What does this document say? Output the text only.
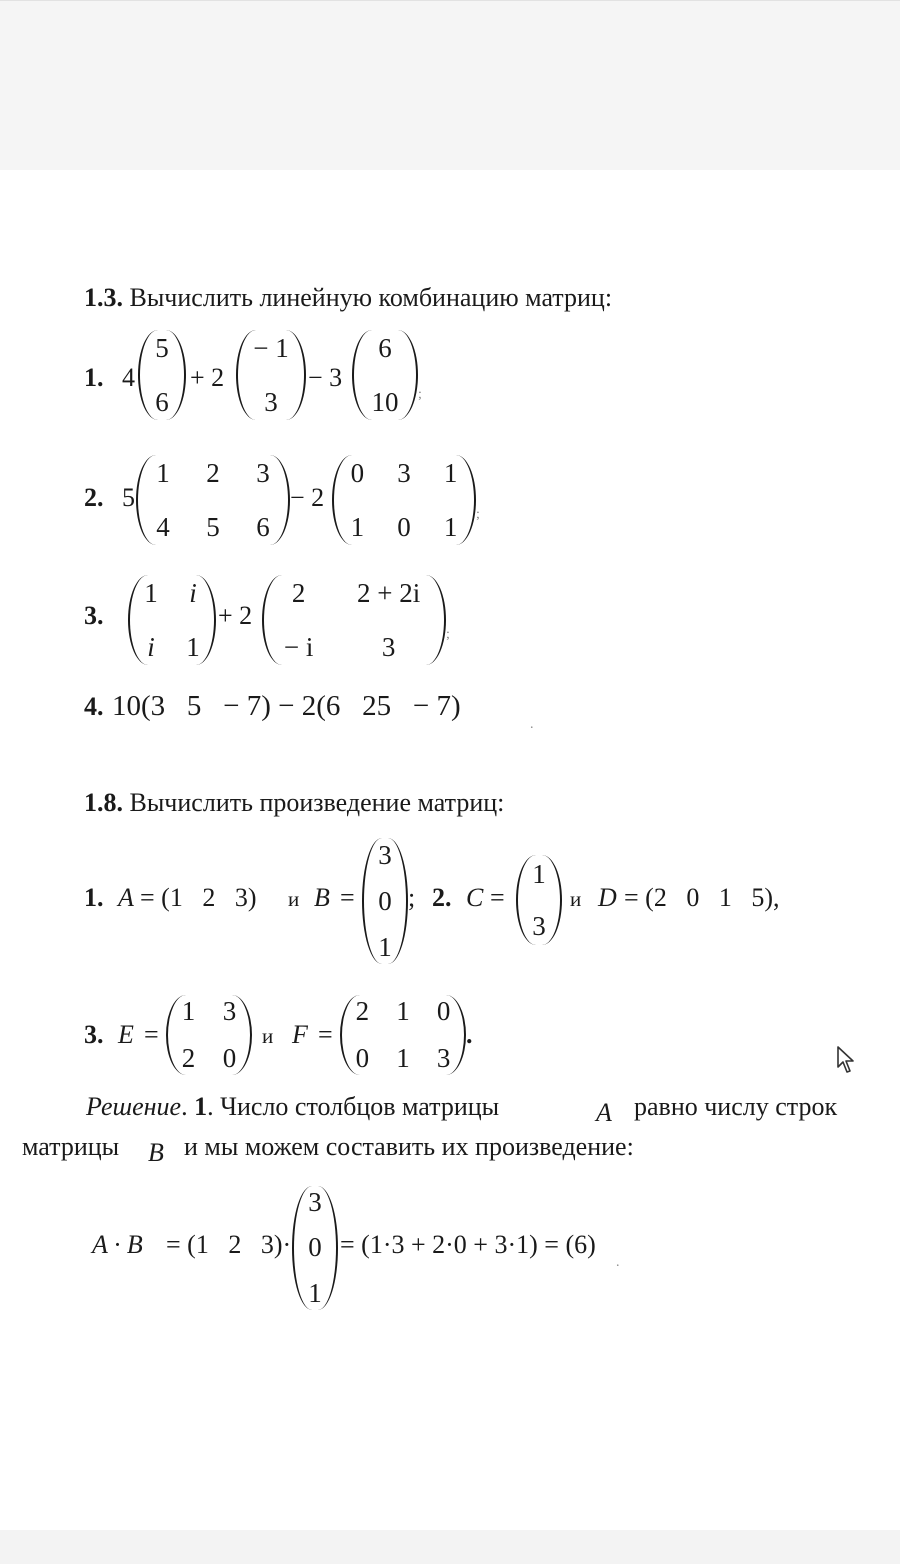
1.3. Вычислить линейную комбинацию матриц:
1. 4
5
6
+ 2
− 1
3
− 3
6
10 ;
2. 5
1 2 3
4 5 6
− 2
0 3 1
1 0 1 ;
3.
1 i
i 1
+ 2
2 2 + 2i
− i	3	;
4. 10(3   5   − 7) − 2(6   25   − 7)
.
1.8. Вычислить произведение матриц:
1. A = (1   2   3) и B =
3
0
1
; 2. C =
1
3
и D = (2   0   1   5),
3. E =
1 3
2 0
и F =
2 1 0
0 1 3
.
Решение. 1. Число столбцов матрицы	A равно числу строк
матрицы B и мы можем составить их произведение:
A · B = (1   2   3)·
3
0
1
= (1·3 + 2·0 + 3·1) = (6)
.
